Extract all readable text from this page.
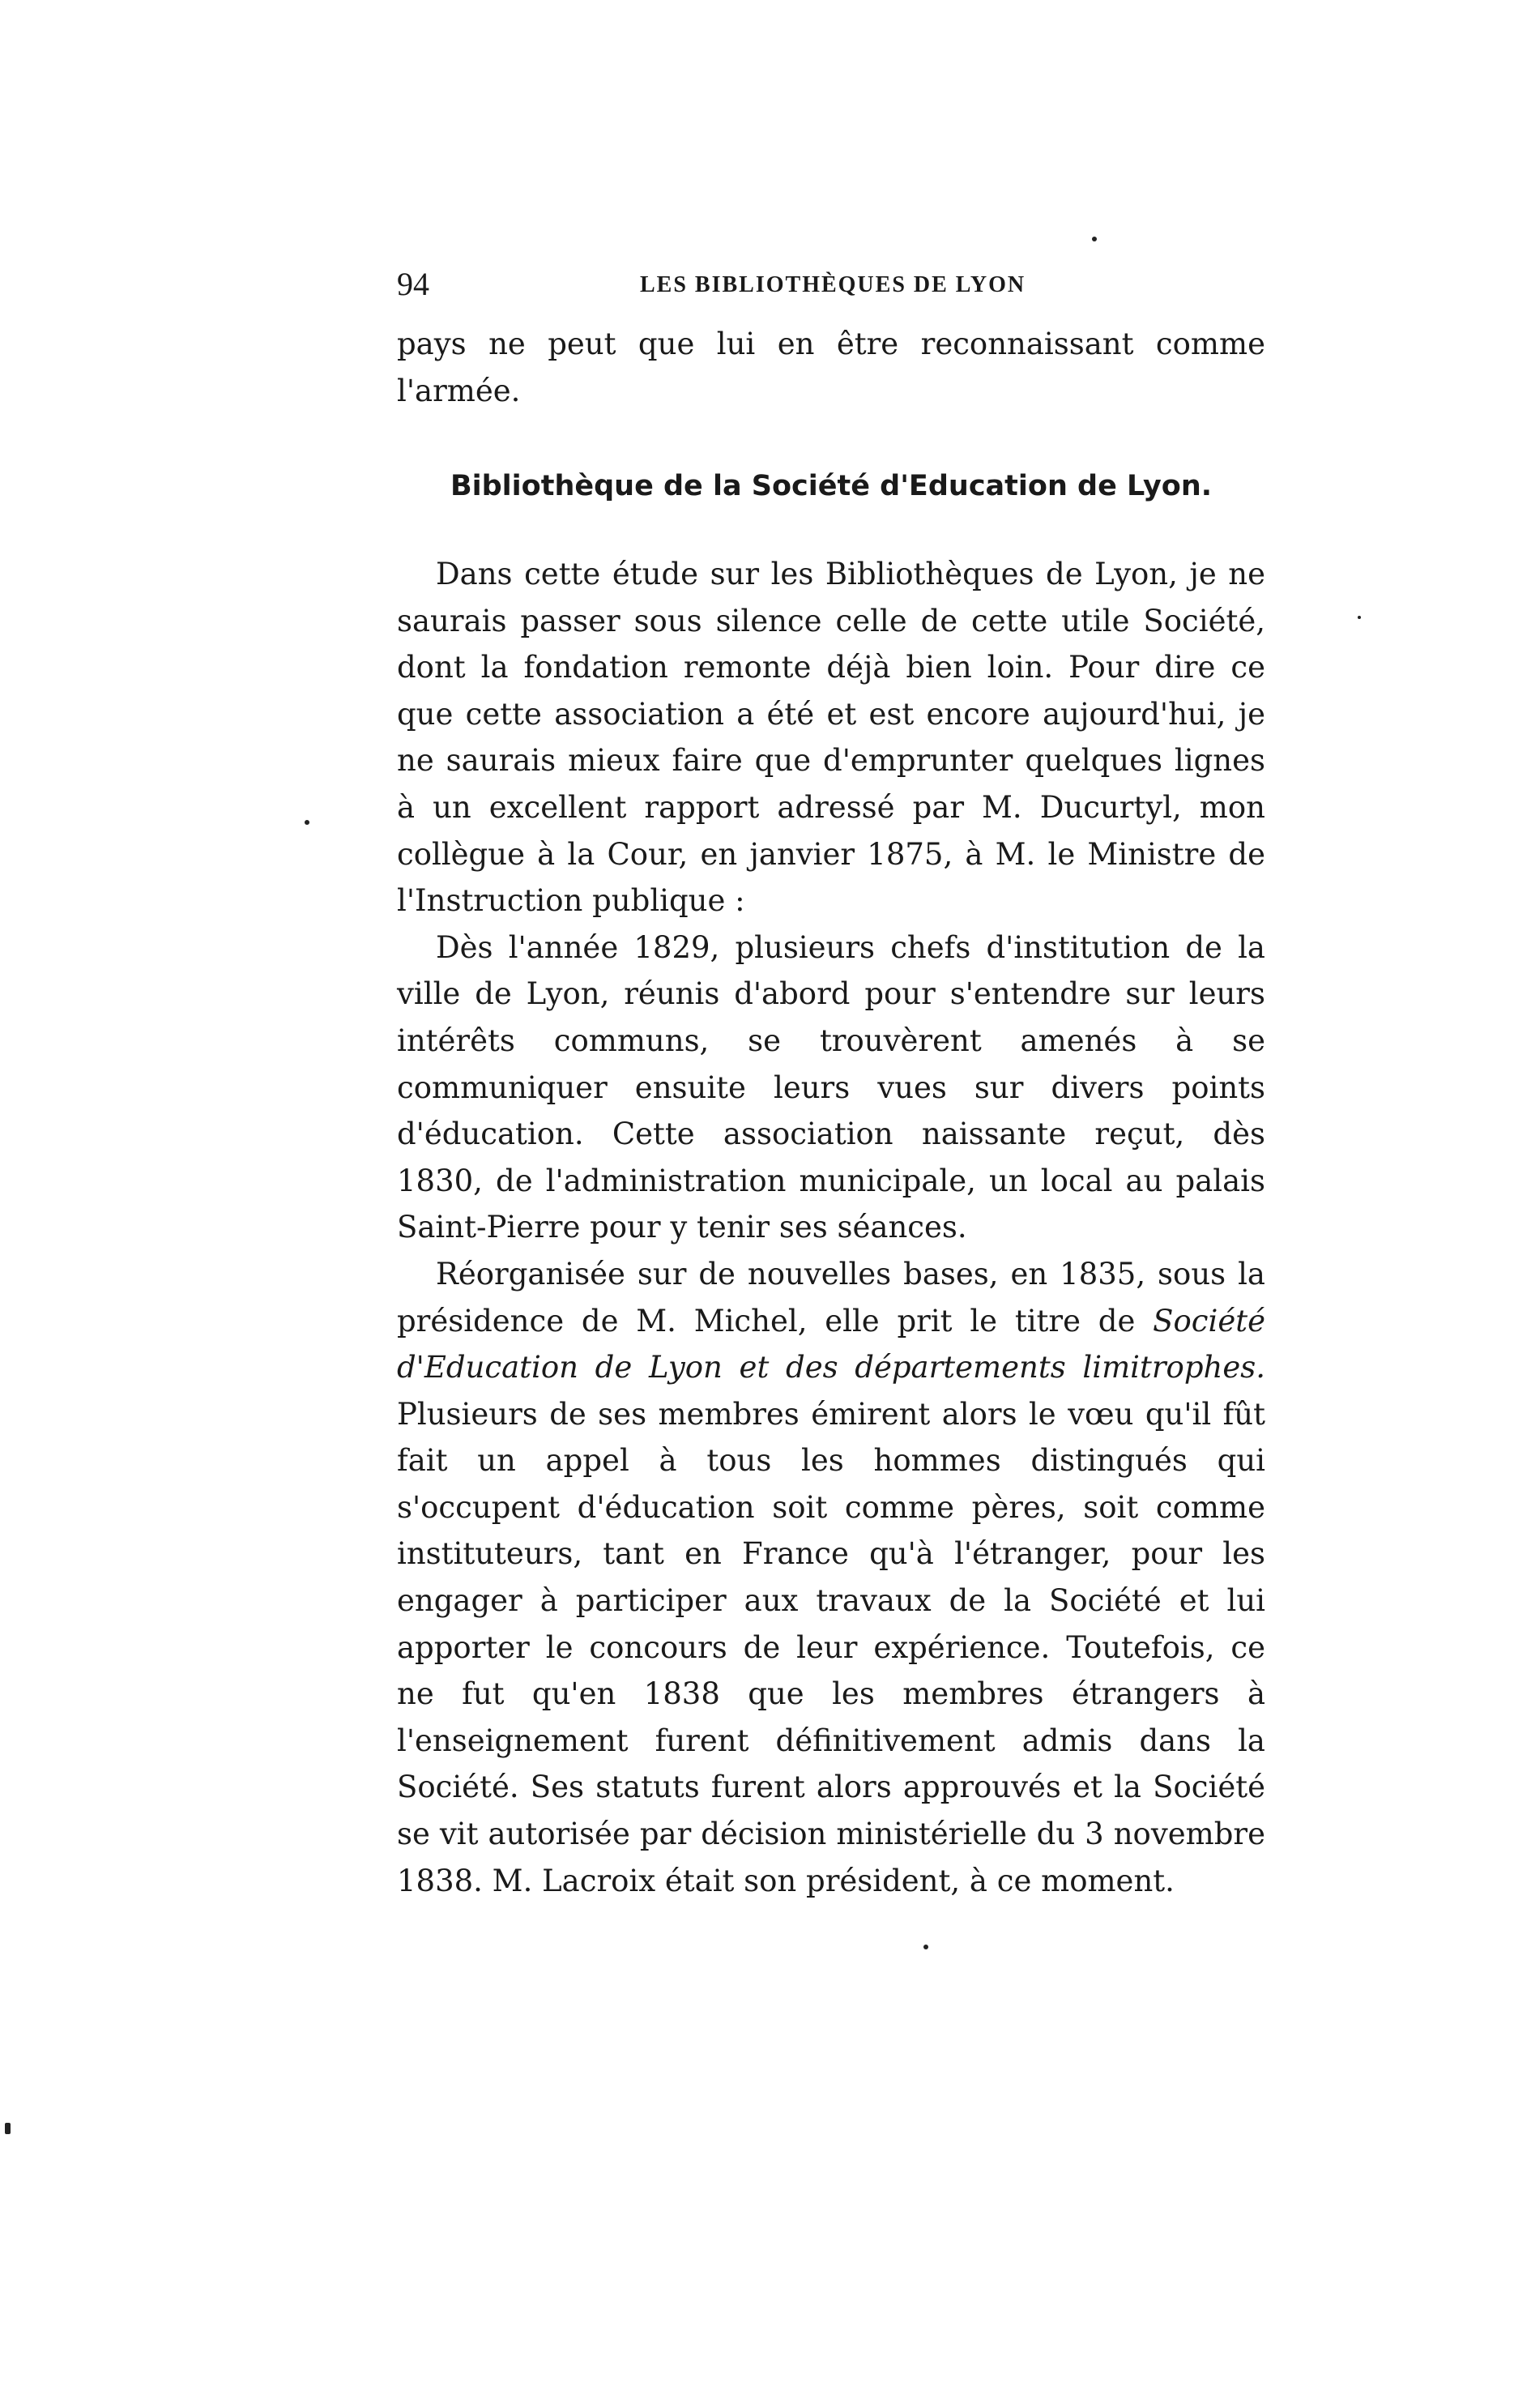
94	LES BIBLIOTHÈQUES DE LYON

pays ne peut que lui en être reconnaissant comme

l'armée.

Bibliothèque de la Société d'Education de Lyon.

Dans cette étude sur les Bibliothèques de Lyon, je ne saurais passer sous silence celle de cette utile Société, dont la fondation remonte déjà bien loin. Pour dire ce que cette association a été et est encore aujourd'hui, je ne saurais mieux faire que d'emprunter quelques lignes à un excellent rapport adressé par M. Ducurtyl, mon collègue à la Cour, en janvier 1875, à M. le Ministre de l'Instruction publique :

Dès l'année 1829, plusieurs chefs d'institution de la ville de Lyon, réunis d'abord pour s'entendre sur leurs intérêts communs, se trouvèrent amenés à se communiquer ensuite leurs vues sur divers points d'éducation. Cette association naissante reçut, dès 1830, de l'administration municipale, un local au palais Saint-Pierre pour y tenir ses séances.

Réorganisée sur de nouvelles bases, en 1835, sous la présidence de M. Michel, elle prit le titre de Société d'Education de Lyon et des départements limitrophes. Plusieurs de ses membres émirent alors le vœu qu'il fût fait un appel à tous les hommes distingués qui s'occupent d'éducation soit comme pères, soit comme instituteurs, tant en France qu'à l'étranger, pour les engager à participer aux travaux de la Société et lui apporter le concours de leur expérience. Toutefois, ce ne fut qu'en 1838 que les membres étrangers à l'enseignement furent définitivement admis dans la Société. Ses statuts furent alors approuvés et la Société se vit autorisée par décision ministérielle du 3 novembre 1838. M. Lacroix était son président, à ce moment.
